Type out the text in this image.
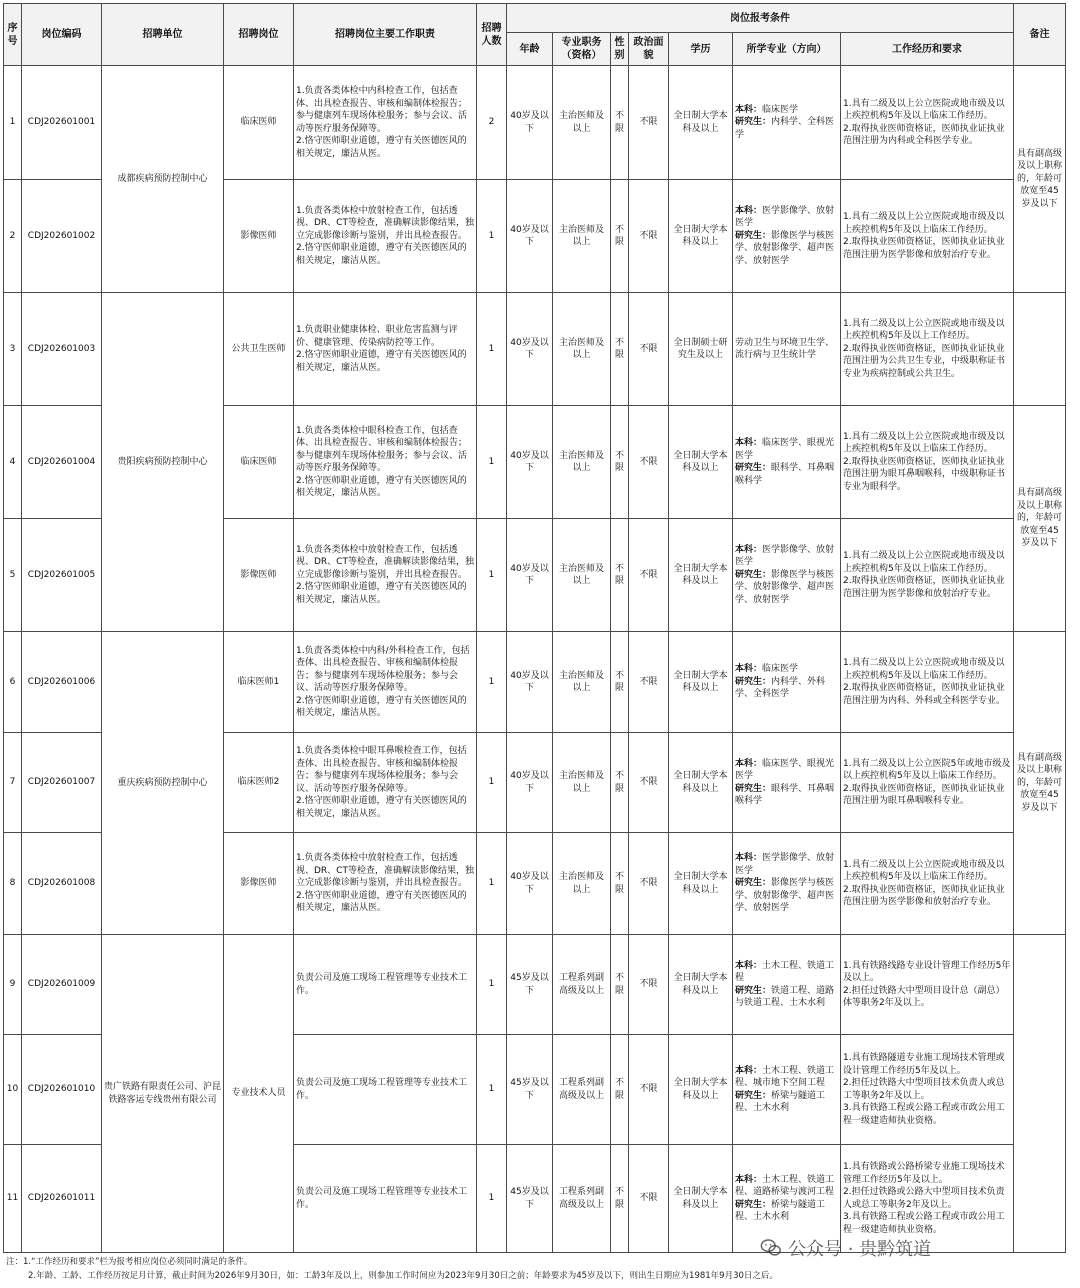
序号	岗位编码	招聘单位	招聘岗位	招聘岗位主要工作职责	招聘人数	岗位报考条件							备注
						年龄	专业职务（资格）	性别	政治面貌	学历	所学专业（方向）	工作经历和要求	
1	CDJ202601001	成都疾病预防控制中心	临床医师	1.负责各类体检中内科检查工作，包括查体、出具检查报告、审核和编制体检报告；参与健康列车现场体检服务；参与会议、活动等医疗服务保障等。
2.恪守医师职业道德，遵守有关医德医风的相关规定，廉洁从医。	2	40岁及以下	主治医师及以上	不限	不限	全日制大学本科及以上	本科：临床医学
研究生：内科学、全科医学	1.具有二级及以上公立医院或地市级及以上疾控机构5年及以上临床工作经历。
2.取得执业医师资格证，医师执业证执业范围注册为内科或全科医学专业。	具有副高级及以上职称的，年龄可放宽至45岁及以下
2	CDJ202601002		影像医师	1.负责各类体检中放射检查工作，包括透视、DR、CT等检查，准确解读影像结果，独立完成影像诊断与鉴别，并出具检查报告。
2.恪守医师职业道德，遵守有关医德医风的相关规定，廉洁从医。	1	40岁及以下	主治医师及以上	不限	不限	全日制大学本科及以上	本科：医学影像学、放射医学
研究生：影像医学与核医学、放射影像学、超声医学、放射医学	1.具有二级及以上公立医院或地市级及以上疾控机构5年及以上临床工作经历。
2.取得执业医师资格证，医师执业证执业范围注册为医学影像和放射治疗专业。	
3	CDJ202601003	贵阳疾病预防控制中心	公共卫生医师	1.负责职业健康体检、职业危害监测与评价、健康管理、传染病防控等工作。
2.恪守医师职业道德，遵守有关医德医风的相关规定，廉洁从医。	1	40岁及以下	主治医师及以上	不限	不限	全日制硕士研究生及以上	劳动卫生与环境卫生学、流行病与卫生统计学	1.具有二级及以上公立医院或地市级及以上疾控机构5年及以上工作经历。
2.取得执业医师资格证，医师执业证执业范围注册为公共卫生专业，中级职称证书专业为疾病控制或公共卫生。	
4	CDJ202601004		临床医师	1.负责各类体检中眼科检查工作，包括查体、出具检查报告、审核和编制体检报告；参与健康列车现场体检服务；参与会议、活动等医疗服务保障等。
2.恪守医师职业道德，遵守有关医德医风的相关规定，廉洁从医。	1	40岁及以下	主治医师及以上	不限	不限	全日制大学本科及以上	本科：临床医学、眼视光医学
研究生：眼科学、耳鼻咽喉科学	1.具有二级及以上公立医院或地市级及以上疾控机构5年及以上临床工作经历。
2.取得执业医师资格证，医师执业证执业范围注册为眼耳鼻咽喉科，中级职称证书专业为眼科学。	具有副高级及以上职称的，年龄可放宽至45岁及以下
5	CDJ202601005		影像医师	1.负责各类体检中放射检查工作，包括透视、DR、CT等检查，准确解读影像结果，独立完成影像诊断与鉴别，并出具检查报告。
2.恪守医师职业道德，遵守有关医德医风的相关规定，廉洁从医。	1	40岁及以下	主治医师及以上	不限	不限	全日制大学本科及以上	本科：医学影像学、放射医学
研究生：影像医学与核医学、放射影像学、超声医学、放射医学	1.具有二级及以上公立医院或地市级及以上疾控机构5年及以上临床工作经历。
2.取得执业医师资格证，医师执业证执业范围注册为医学影像和放射治疗专业。	
6	CDJ202601006	重庆疾病预防控制中心	临床医师1	1.负责各类体检中内科/外科检查工作，包括查体、出具检查报告、审核和编制体检报告；参与健康列车现场体检服务；参与会议、活动等医疗服务保障等。
2.恪守医师职业道德，遵守有关医德医风的相关规定，廉洁从医。	1	40岁及以下	主治医师及以上	不限	不限	全日制大学本科及以上	本科：临床医学
研究生：内科学、外科学、全科医学	1.具有二级及以上公立医院或地市级及以上疾控机构5年及以上临床工作经历。
2.取得执业医师资格证，医师执业证执业范围注册为内科、外科或全科医学专业。	具有副高级及以上职称的，年龄可放宽至45岁及以下
7	CDJ202601007		临床医师2	1.负责各类体检中眼耳鼻喉检查工作，包括查体、出具检查报告、审核和编制体检报告；参与健康列车现场体检服务；参与会议、活动等医疗服务保障等。
2.恪守医师职业道德，遵守有关医德医风的相关规定，廉洁从医。	1	40岁及以下	主治医师及以上	不限	不限	全日制大学本科及以上	本科：临床医学、眼视光医学
研究生：眼科学、耳鼻咽喉科学	1.具有二级及以上公立医院5年或地市级及以上疾控机构5年及以上临床工作经历。
2.取得执业医师资格证，医师执业证执业范围注册为眼耳鼻咽喉科专业。	
8	CDJ202601008		影像医师	1.负责各类体检中放射检查工作，包括透视、DR、CT等检查，准确解读影像结果，独立完成影像诊断与鉴别，并出具检查报告。
2.恪守医师职业道德，遵守有关医德医风的相关规定，廉洁从医。	1	40岁及以下	主治医师及以上	不限	不限	全日制大学本科及以上	本科：医学影像学、放射医学
研究生：影像医学与核医学、放射影像学、超声医学、放射医学	1.具有二级及以上公立医院或地市级及以上疾控机构5年及以上临床工作经历。
2.取得执业医师资格证，医师执业证执业范围注册为医学影像和放射治疗专业。	
9	CDJ202601009	贵广铁路有限责任公司、沪昆铁路客运专线贵州有限公司	专业技术人员	负责公司及施工现场工程管理等专业技术工作。	1	45岁及以下	工程系列副高级及以上	不限	不限	全日制大学本科及以上	本科：土木工程、铁道工程
研究生：铁道工程、道路与铁道工程、土木水利	1.具有铁路线路专业设计管理工作经历5年及以上。
2.担任过铁路大中型项目设计总（副总）体等职务2年及以上。	
10	CDJ202601010			负责公司及施工现场工程管理等专业技术工作。	1	45岁及以下	工程系列副高级及以上	不限	不限	全日制大学本科及以上	本科：土木工程、铁道工程、城市地下空间工程
研究生：桥梁与隧道工程、土木水利	1.具有铁路隧道专业施工现场技术管理或设计管理工作经历5年及以上。
2.担任过铁路大中型项目技术负责人或总工等职务2年及以上。
3.具有铁路工程或公路工程或市政公用工程一级建造师执业资格。	
11	CDJ202601011			负责公司及施工现场工程管理等专业技术工作。	1	45岁及以下	工程系列副高级及以上	不限	不限	全日制大学本科及以上	本科：土木工程、铁道工程、道路桥梁与渡河工程
研究生：桥梁与隧道工程、土木水利	1.具有铁路或公路桥梁专业施工现场技术管理工作经历5年及以上。
2.担任过铁路或公路大中型项目技术负责人或总工等职务2年及以上。
3.具有铁路工程或公路工程或市政公用工程一级建造师执业资格。	
注：1.“工作经历和要求”栏为报考相应岗位必须同时满足的条件。
2.年龄、工龄、工作经历按足月计算，截止时间为2026年9月30日，如：工龄3年及以上，则参加工作时间应为2023年9月30日之前；年龄要求为45岁及以下，则出生日期应为1981年9月30日之后。
公众号 · 贵黔筑道
